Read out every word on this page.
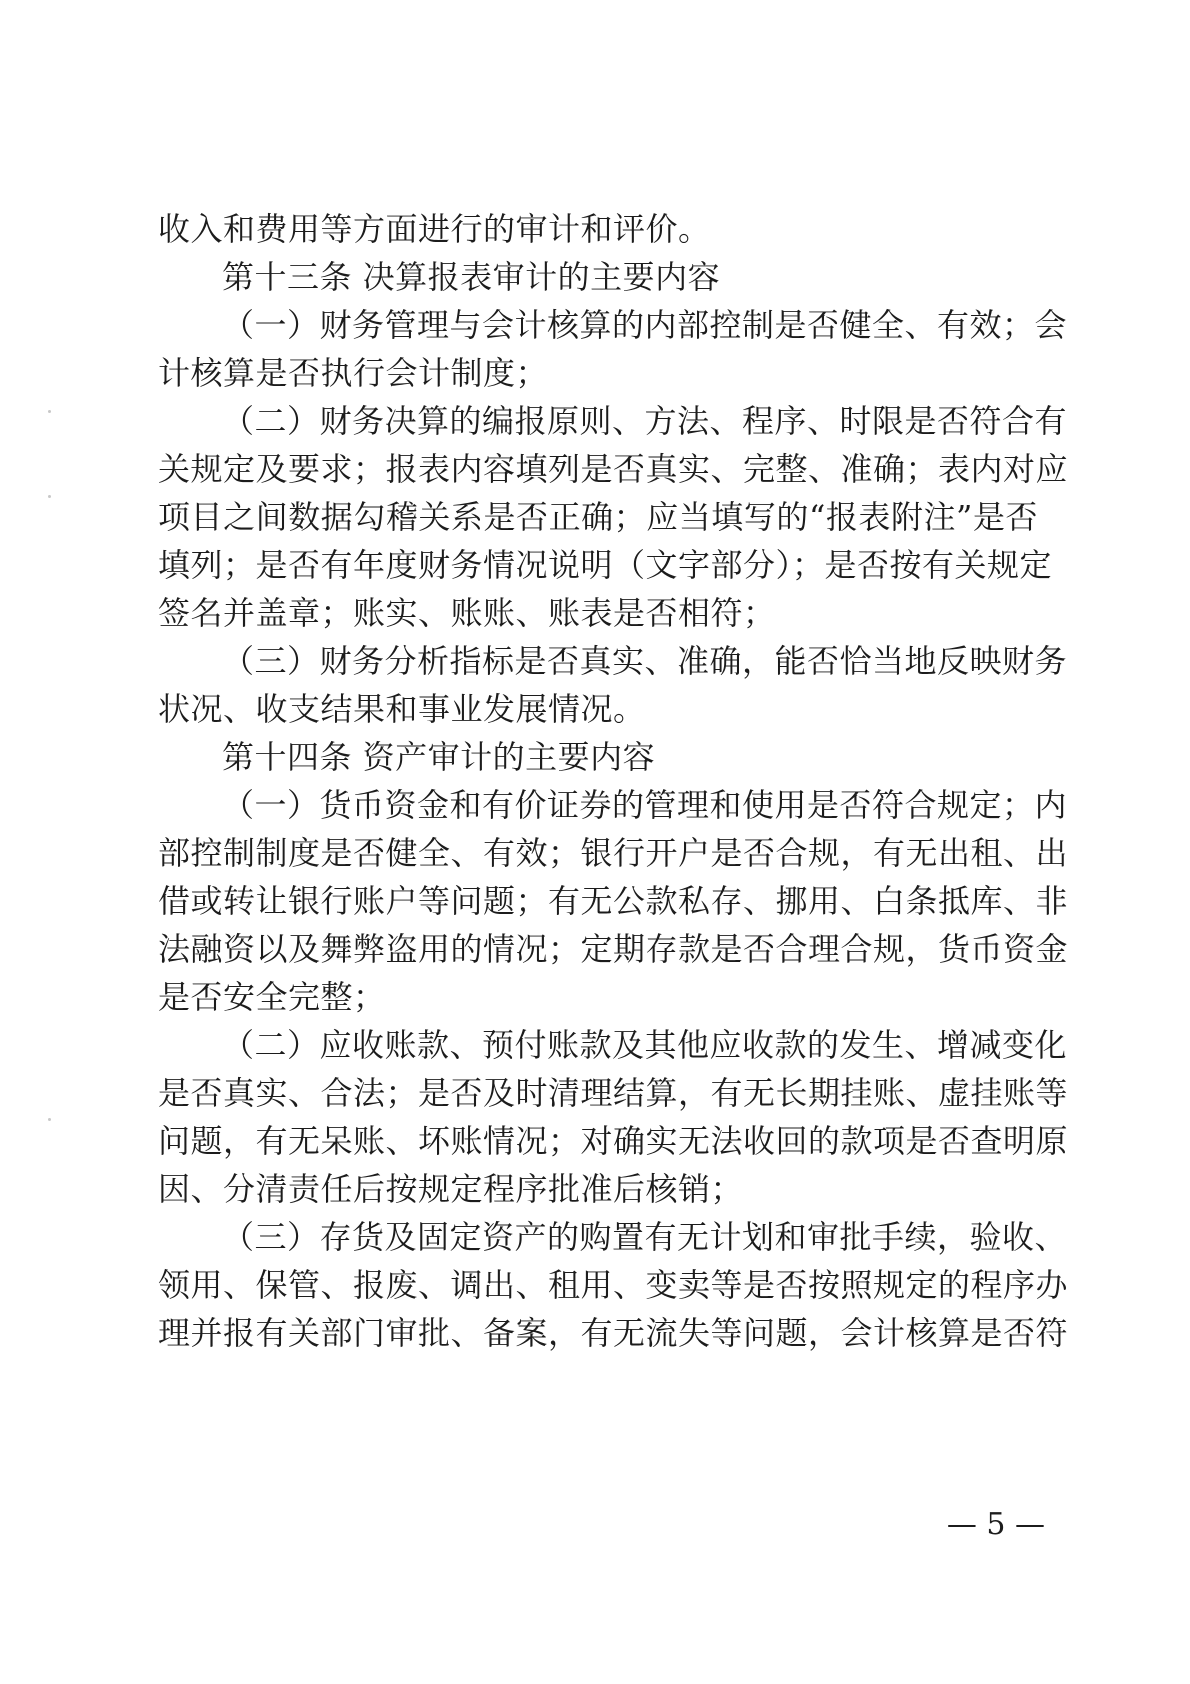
收入和费用等方面进行的审计和评价。
第十三条 决算报表审计的主要内容
（一）财务管理与会计核算的内部控制是否健全、有效；会
计核算是否执行会计制度；
（二）财务决算的编报原则、方法、程序、时限是否符合有
关规定及要求；报表内容填列是否真实、完整、准确；表内对应
项目之间数据勾稽关系是否正确；应当填写的“报表附注”是否
填列；是否有年度财务情况说明（文字部分）；是否按有关规定
签名并盖章；账实、账账、账表是否相符；
（三）财务分析指标是否真实、准确，能否恰当地反映财务
状况、收支结果和事业发展情况。
第十四条 资产审计的主要内容
（一）货币资金和有价证券的管理和使用是否符合规定；内
部控制制度是否健全、有效；银行开户是否合规，有无出租、出
借或转让银行账户等问题；有无公款私存、挪用、白条抵库、非
法融资以及舞弊盗用的情况；定期存款是否合理合规，货币资金
是否安全完整；
（二）应收账款、预付账款及其他应收款的发生、增减变化
是否真实、合法；是否及时清理结算，有无长期挂账、虚挂账等
问题，有无呆账、坏账情况；对确实无法收回的款项是否查明原
因、分清责任后按规定程序批准后核销；
（三）存货及固定资产的购置有无计划和审批手续，验收、
领用、保管、报废、调出、租用、变卖等是否按照规定的程序办
理并报有关部门审批、备案，有无流失等问题，会计核算是否符
— 5 —
